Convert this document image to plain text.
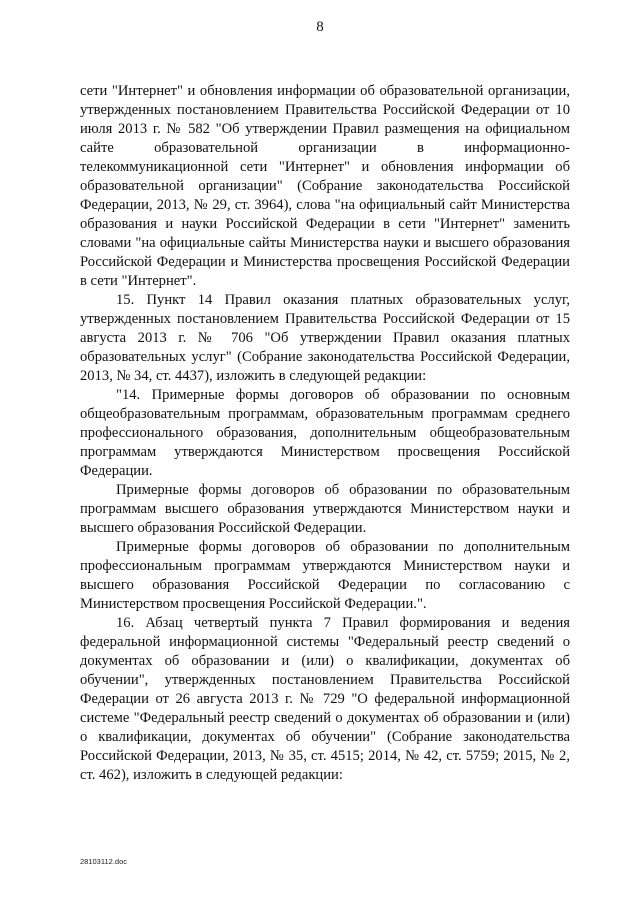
8

сети "Интернет" и обновления информации об образовательной организации, утвержденных постановлением Правительства Российской Федерации от 10 июля 2013 г. № 582 "Об утверждении Правил размещения на официальном сайте образовательной организации в информационно-телекоммуникационной сети "Интернет" и обновления информации об образовательной организации" (Собрание законодательства Российской Федерации, 2013, № 29, ст. 3964), слова "на официальный сайт Министерства образования и науки Российской Федерации в сети "Интернет" заменить словами "на официальные сайты Министерства науки и высшего образования Российской Федерации и Министерства просвещения Российской Федерации в сети "Интернет".

15. Пункт 14 Правил оказания платных образовательных услуг, утвержденных постановлением Правительства Российской Федерации от 15 августа 2013 г. № 706 "Об утверждении Правил оказания платных образовательных услуг" (Собрание законодательства Российской Федерации, 2013, № 34, ст. 4437), изложить в следующей редакции:

"14. Примерные формы договоров об образовании по основным общеобразовательным программам, образовательным программам среднего профессионального образования, дополнительным общеобразовательным программам утверждаются Министерством просвещения Российской Федерации.

Примерные формы договоров об образовании по образовательным программам высшего образования утверждаются Министерством науки и высшего образования Российской Федерации.

Примерные формы договоров об образовании по дополнительным профессиональным программам утверждаются Министерством науки и высшего образования Российской Федерации по согласованию с Министерством просвещения Российской Федерации.".

16. Абзац четвертый пункта 7 Правил формирования и ведения федеральной информационной системы "Федеральный реестр сведений о документах об образовании и (или) о квалификации, документах об обучении", утвержденных постановлением Правительства Российской Федерации от 26 августа 2013 г. № 729 "О федеральной информационной системе "Федеральный реестр сведений о документах об образовании и (или) о квалификации, документах об обучении" (Собрание законодательства Российской Федерации, 2013, № 35, ст. 4515; 2014, № 42, ст. 5759; 2015, № 2, ст. 462), изложить в следующей редакции:

28103112.doc
